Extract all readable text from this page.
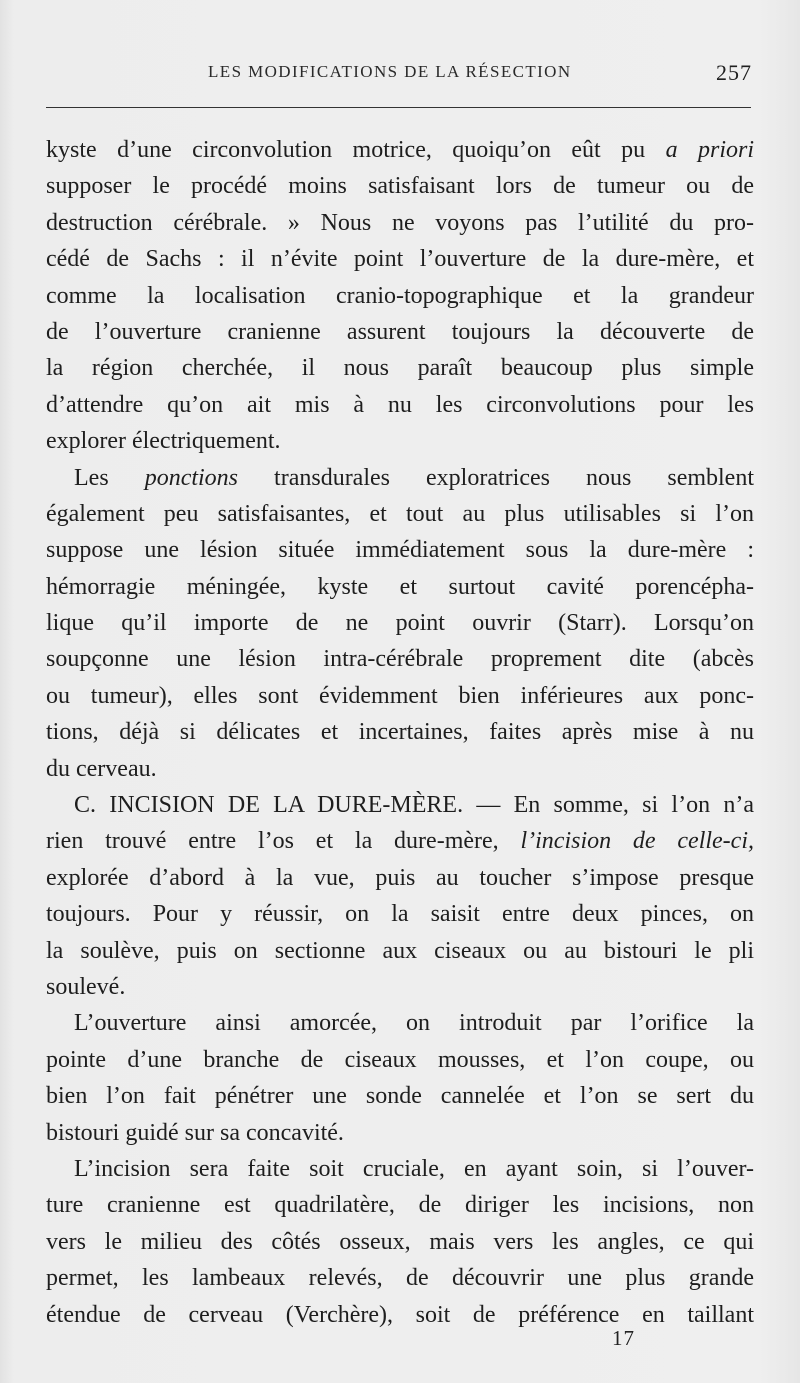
LES MODIFICATIONS DE LA RÉSECTION	257
kyste d’une circonvolution motrice, quoiqu’on eût pu a priori
supposer le procédé moins satisfaisant lors de tumeur ou de
destruction cérébrale. » Nous ne voyons pas l’utilité du pro-
cédé de Sachs : il n’évite point l’ouverture de la dure-mère, et
comme la localisation cranio-topographique et la grandeur
de l’ouverture cranienne assurent toujours la découverte de
la région cherchée, il nous paraît beaucoup plus simple
d’attendre qu’on ait mis à nu les circonvolutions pour les
explorer électriquement.
Les ponctions transdurales exploratrices nous semblent
également peu satisfaisantes, et tout au plus utilisables si l’on
suppose une lésion située immédiatement sous la dure-mère :
hémorragie méningée, kyste et surtout cavité porencépha-
lique qu’il importe de ne point ouvrir (Starr). Lorsqu’on
soupçonne une lésion intra-cérébrale proprement dite (abcès
ou tumeur), elles sont évidemment bien inférieures aux ponc-
tions, déjà si délicates et incertaines, faites après mise à nu
du cerveau.
C. INCISION DE LA DURE-MÈRE. — En somme, si l’on n’a
rien trouvé entre l’os et la dure-mère, l’incision de celle-ci,
explorée d’abord à la vue, puis au toucher s’impose presque
toujours. Pour y réussir, on la saisit entre deux pinces, on
la soulève, puis on sectionne aux ciseaux ou au bistouri le pli
soulevé.
L’ouverture ainsi amorcée, on introduit par l’orifice la
pointe d’une branche de ciseaux mousses, et l’on coupe, ou
bien l’on fait pénétrer une sonde cannelée et l’on se sert du
bistouri guidé sur sa concavité.
L’incision sera faite soit cruciale, en ayant soin, si l’ouver-
ture cranienne est quadrilatère, de diriger les incisions, non
vers le milieu des côtés osseux, mais vers les angles, ce qui
permet, les lambeaux relevés, de découvrir une plus grande
étendue de cerveau (Verchère), soit de préférence en taillant
17
